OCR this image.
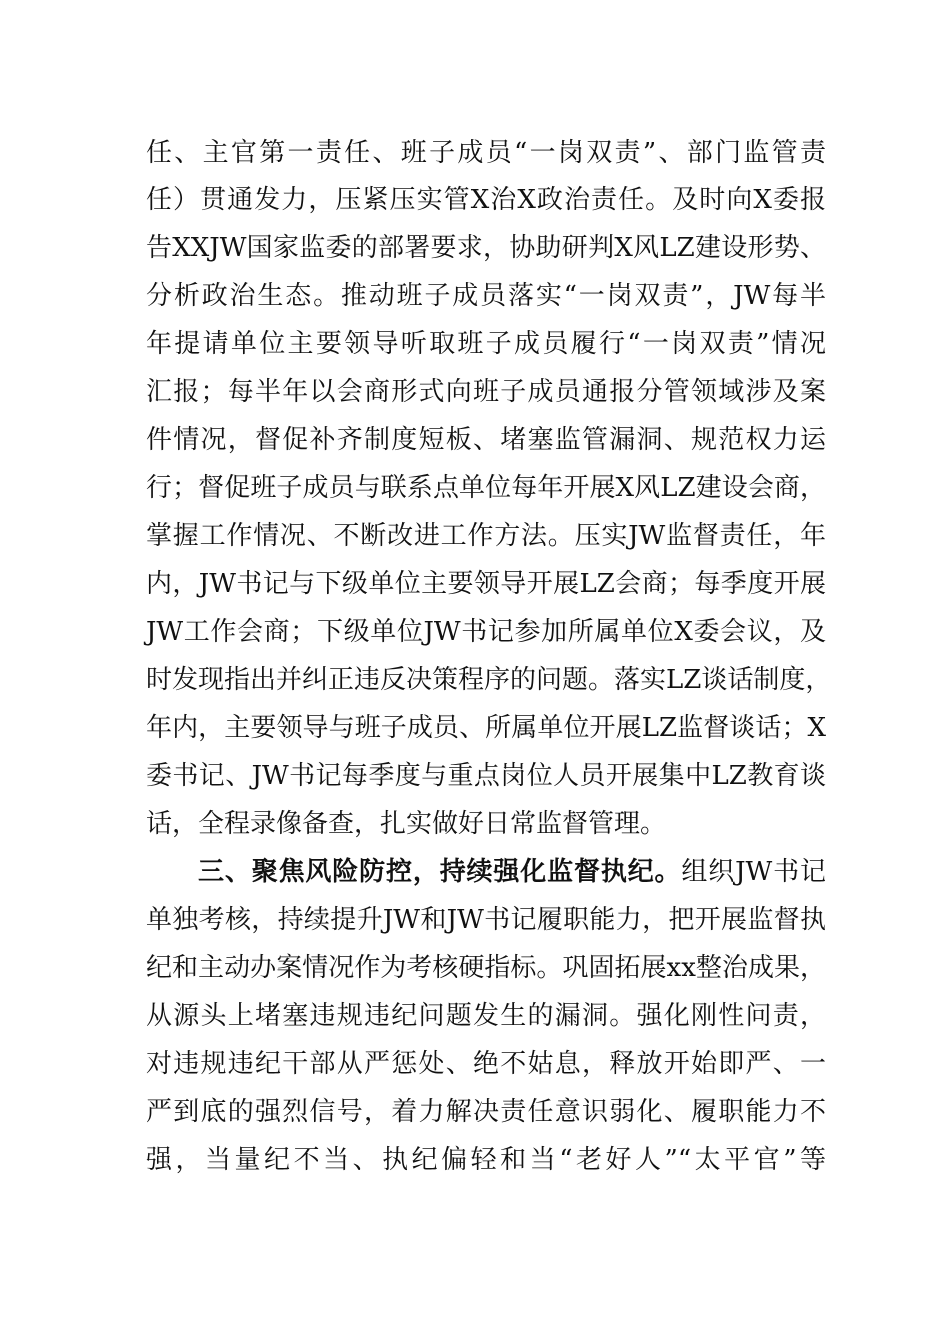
任、主官第一责任、班子成员“一岗双责”、部门监管责
任）贯通发力，压紧压实管X治X政治责任。及时向X委报
告XXJW国家监委的部署要求，协助研判X风LZ建设形势、
分析政治生态。推动班子成员落实“一岗双责”，JW每半
年提请单位主要领导听取班子成员履行“一岗双责”情况
汇报；每半年以会商形式向班子成员通报分管领域涉及案
件情况，督促补齐制度短板、堵塞监管漏洞、规范权力运
行；督促班子成员与联系点单位每年开展X风LZ建设会商，
掌握工作情况、不断改进工作方法。压实JW监督责任，年
内，JW书记与下级单位主要领导开展LZ会商；每季度开展
JW工作会商；下级单位JW书记参加所属单位X委会议，及
时发现指出并纠正违反决策程序的问题。落实LZ谈话制度，
年内，主要领导与班子成员、所属单位开展LZ监督谈话；X
委书记、JW书记每季度与重点岗位人员开展集中LZ教育谈
话，全程录像备查，扎实做好日常监督管理。
三、聚焦风险防控，持续强化监督执纪。组织JW书记
单独考核，持续提升JW和JW书记履职能力，把开展监督执
纪和主动办案情况作为考核硬指标。巩固拓展xx整治成果，
从源头上堵塞违规违纪问题发生的漏洞。强化刚性问责，
对违规违纪干部从严惩处、绝不姑息，释放开始即严、一
严到底的强烈信号，着力解决责任意识弱化、履职能力不
强，当量纪不当、执纪偏轻和当“老好人”“太平官”等
